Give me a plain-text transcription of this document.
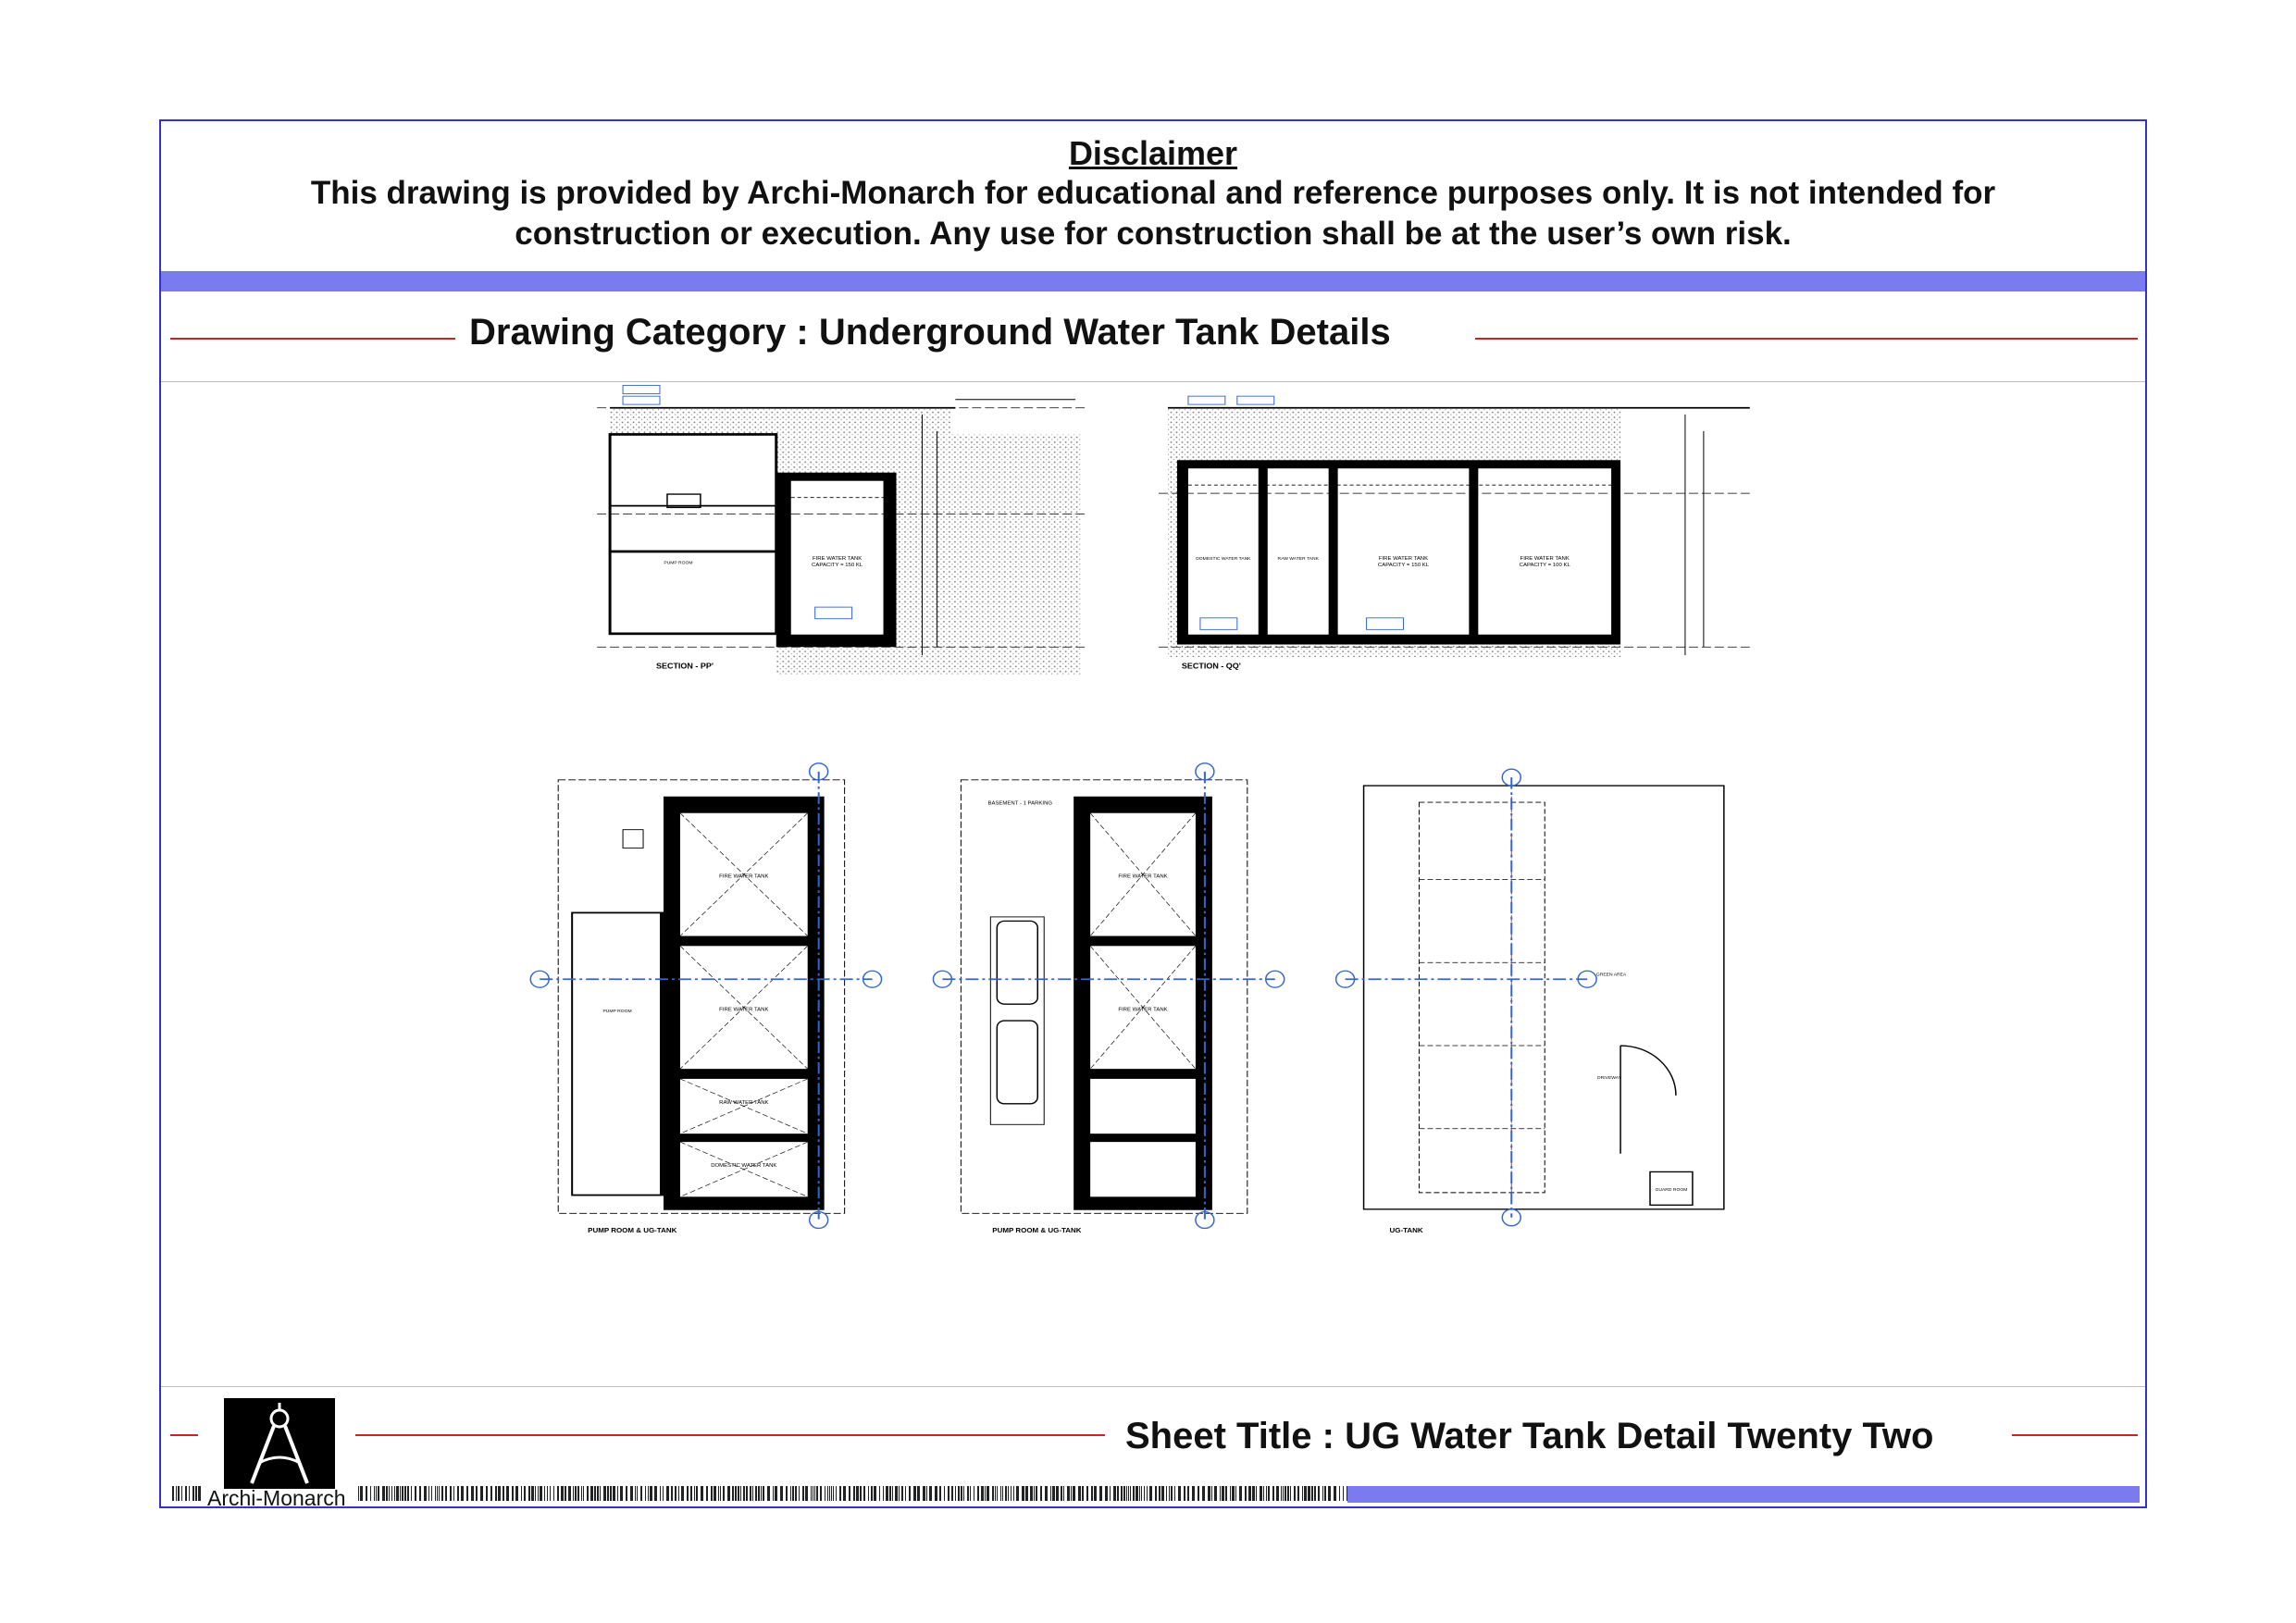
Disclaimer
This drawing is provided by Archi-Monarch for educational and reference purposes only. It is not intended for construction or execution. Any use for construction shall be at the user’s own risk.
Drawing Category : Underground Water Tank Details
FIRE WATER TANK
CAPACITY = 150 KL
PUMP ROOM
SECTION - PP'
FIRE WATER TANK
CAPACITY = 150 KL
FIRE WATER TANK
CAPACITY = 100 KL
DOMESTIC WATER TANK	RAW WATER TANK
SECTION - QQ'
FIRE WATER TANK
FIRE WATER TANK
RAW WATER TANK
DOMESTIC WATER TANK
PUMP ROOM
PUMP ROOM & UG-TANK
FIRE WATER TANK
FIRE WATER TANK
BASEMENT - 1 PARKING
PUMP ROOM & UG-TANK
GUARD ROOM
DRIVEWAY
GREEN AREA
UG-TANK
Sheet Title : UG Water Tank Detail Twenty Two
Archi-Monarch
